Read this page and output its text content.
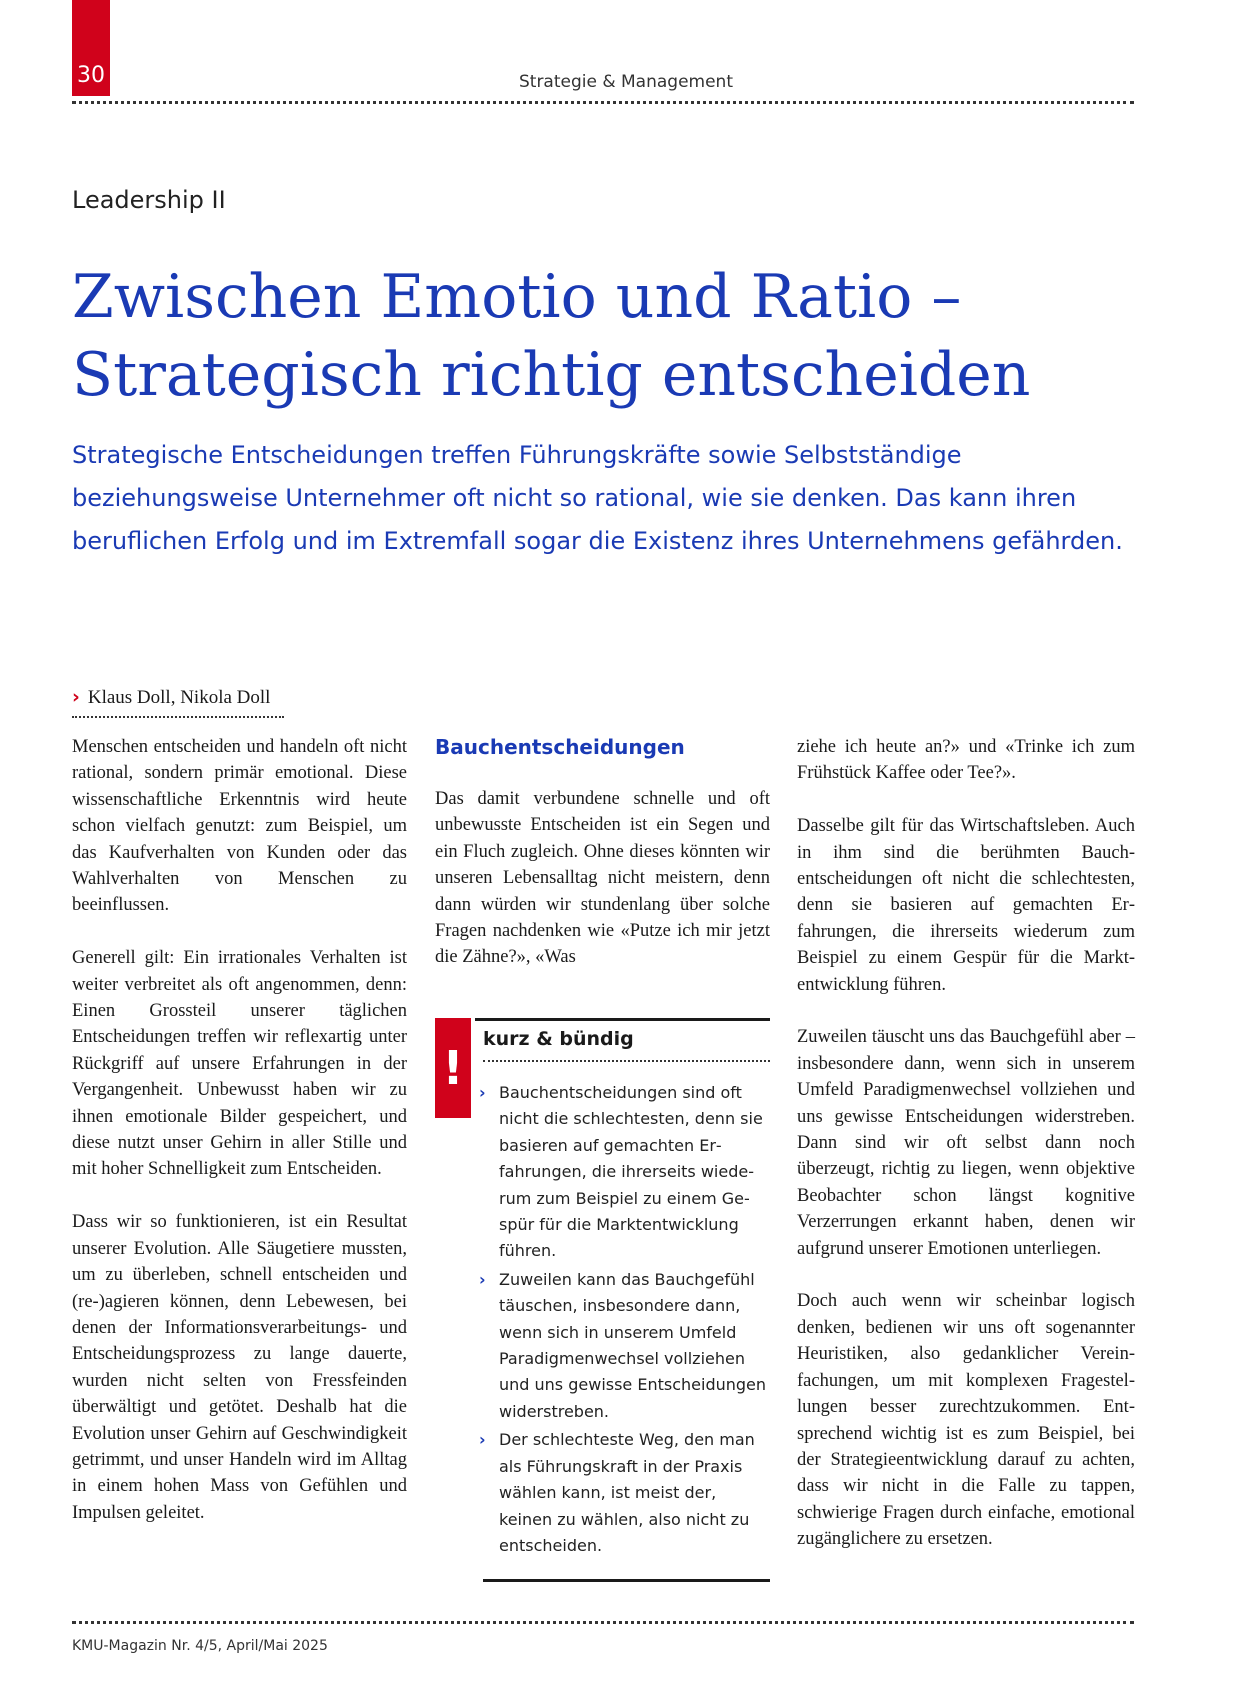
30	Strategie & Management
Leadership II
Zwischen Emotio und Ratio –
Strategisch richtig entscheiden
Strategische Entscheidungen treffen Führungskräfte sowie Selbstständige beziehungsweise Unternehmer oft nicht so rational, wie sie denken. Das kann ihren beruflichen Erfolg und im Extremfall sogar die Existenz ihres Unternehmens gefährden.
› Klaus Doll, Nikola Doll

Menschen entscheiden und handeln oft nicht rational, sondern primär emotional. Diese wissenschaftliche Erkenntnis wird heute schon vielfach genutzt: zum Beispiel, um das Kaufverhalten von Kunden oder das Wahlverhalten von Menschen zu beeinflussen.

Generell gilt: Ein irrationales Verhalten ist weiter verbreitet als oft angenommen, denn: Einen Grossteil unserer täglichen Entscheidungen treffen wir reflexartig unter Rückgriff auf unsere Erfahrungen in der Vergangenheit. Unbewusst haben wir zu ihnen emotionale Bilder gespeichert, und diese nutzt unser Gehirn in aller Stille und mit hoher Schnelligkeit zum Entscheiden.

Dass wir so funktionieren, ist ein Resultat unserer Evolution. Alle Säugetiere mussten, um zu überleben, schnell entscheiden und (re-)agieren können, denn Lebewesen, bei denen der Informationsverarbeitungs- und Entscheidungsprozess zu lange dauerte, wurden nicht selten von Fressfeinden überwältigt und getötet. Deshalb hat die Evolution unser Gehirn auf Geschwindigkeit getrimmt, und unser Handeln wird im Alltag in einem hohen Mass von Gefühlen und Impulsen geleitet.

Bauchentscheidungen

Das damit verbundene schnelle und oft unbewusste Entscheiden ist ein Segen und ein Fluch zugleich. Ohne dieses könnten wir unseren Lebensalltag nicht meistern, denn dann würden wir stundenlang über solche Fragen nachdenken wie «Putze ich mir jetzt die Zähne?», «Was

!
kurz & bündig
› Bauchentscheidungen sind oft nicht die schlechtesten, denn sie basieren auf gemachten Erfahrungen, die ihrerseits wiederum zum Beispiel zu einem Gespür für die Marktentwicklung führen.
› Zuweilen kann das Bauchgefühl täuschen, insbesondere dann, wenn sich in unserem Umfeld Paradigmenwechsel vollziehen und uns gewisse Entscheidungen widerstreben.
› Der schlechteste Weg, den man als Führungskraft in der Praxis wählen kann, ist meist der, keinen zu wählen, also nicht zu entscheiden.

ziehe ich heute an?» und «Trinke ich zum Frühstück Kaffee oder Tee?».

Dasselbe gilt für das Wirtschaftsleben. Auch in ihm sind die berühmten Bauchentscheidungen oft nicht die schlechtesten, denn sie basieren auf gemachten Erfahrungen, die ihrerseits wiederum zum Beispiel zu einem Gespür für die Marktentwicklung führen.

Zuweilen täuscht uns das Bauchgefühl aber – insbesondere dann, wenn sich in unserem Umfeld Paradigmenwechsel vollziehen und uns gewisse Entscheidungen widerstreben. Dann sind wir oft selbst dann noch überzeugt, richtig zu liegen, wenn objektive Beobachter schon längst kognitive Verzerrungen erkannt haben, denen wir aufgrund unserer Emotionen unterliegen.

Doch auch wenn wir scheinbar logisch denken, bedienen wir uns oft sogenannter Heuristiken, also gedanklicher Vereinfachungen, um mit komplexen Fragestellungen besser zurechtzukommen. Entsprechend wichtig ist es zum Beispiel, bei der Strategieentwicklung darauf zu achten, dass wir nicht in die Falle zu tappen, schwierige Fragen durch einfache, emotional zugänglichere zu ersetzen.

KMU-Magazin Nr. 4/5, April/Mai 2025
